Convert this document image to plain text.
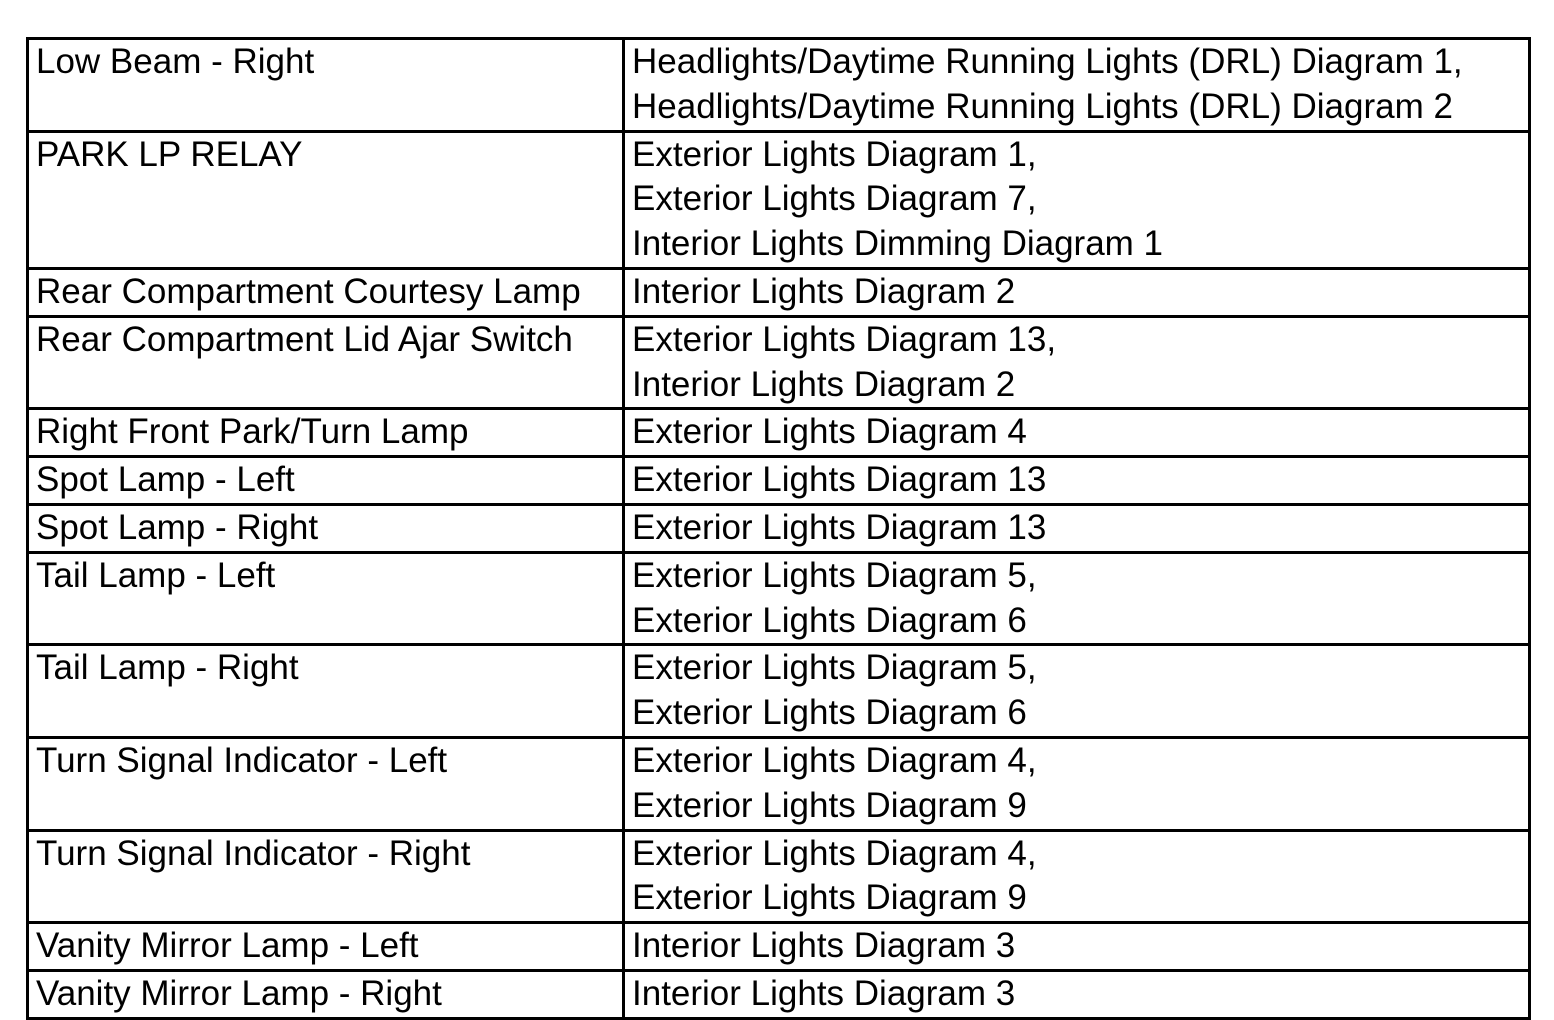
Low Beam - Right	Headlights/Daytime Running Lights (DRL) Diagram 1,
Headlights/Daytime Running Lights (DRL) Diagram 2

PARK LP RELAY	Exterior Lights Diagram 1,
Exterior Lights Diagram 7,
Interior Lights Dimming Diagram 1

Rear Compartment Courtesy Lamp	Interior Lights Diagram 2

Rear Compartment Lid Ajar Switch	Exterior Lights Diagram 13,
Interior Lights Diagram 2

Right Front Park/Turn Lamp	Exterior Lights Diagram 4

Spot Lamp - Left	Exterior Lights Diagram 13

Spot Lamp - Right	Exterior Lights Diagram 13

Tail Lamp - Left	Exterior Lights Diagram 5,
Exterior Lights Diagram 6

Tail Lamp - Right	Exterior Lights Diagram 5,
Exterior Lights Diagram 6

Turn Signal Indicator - Left	Exterior Lights Diagram 4,
Exterior Lights Diagram 9

Turn Signal Indicator - Right	Exterior Lights Diagram 4,
Exterior Lights Diagram 9

Vanity Mirror Lamp - Left	Interior Lights Diagram 3

Vanity Mirror Lamp - Right	Interior Lights Diagram 3
